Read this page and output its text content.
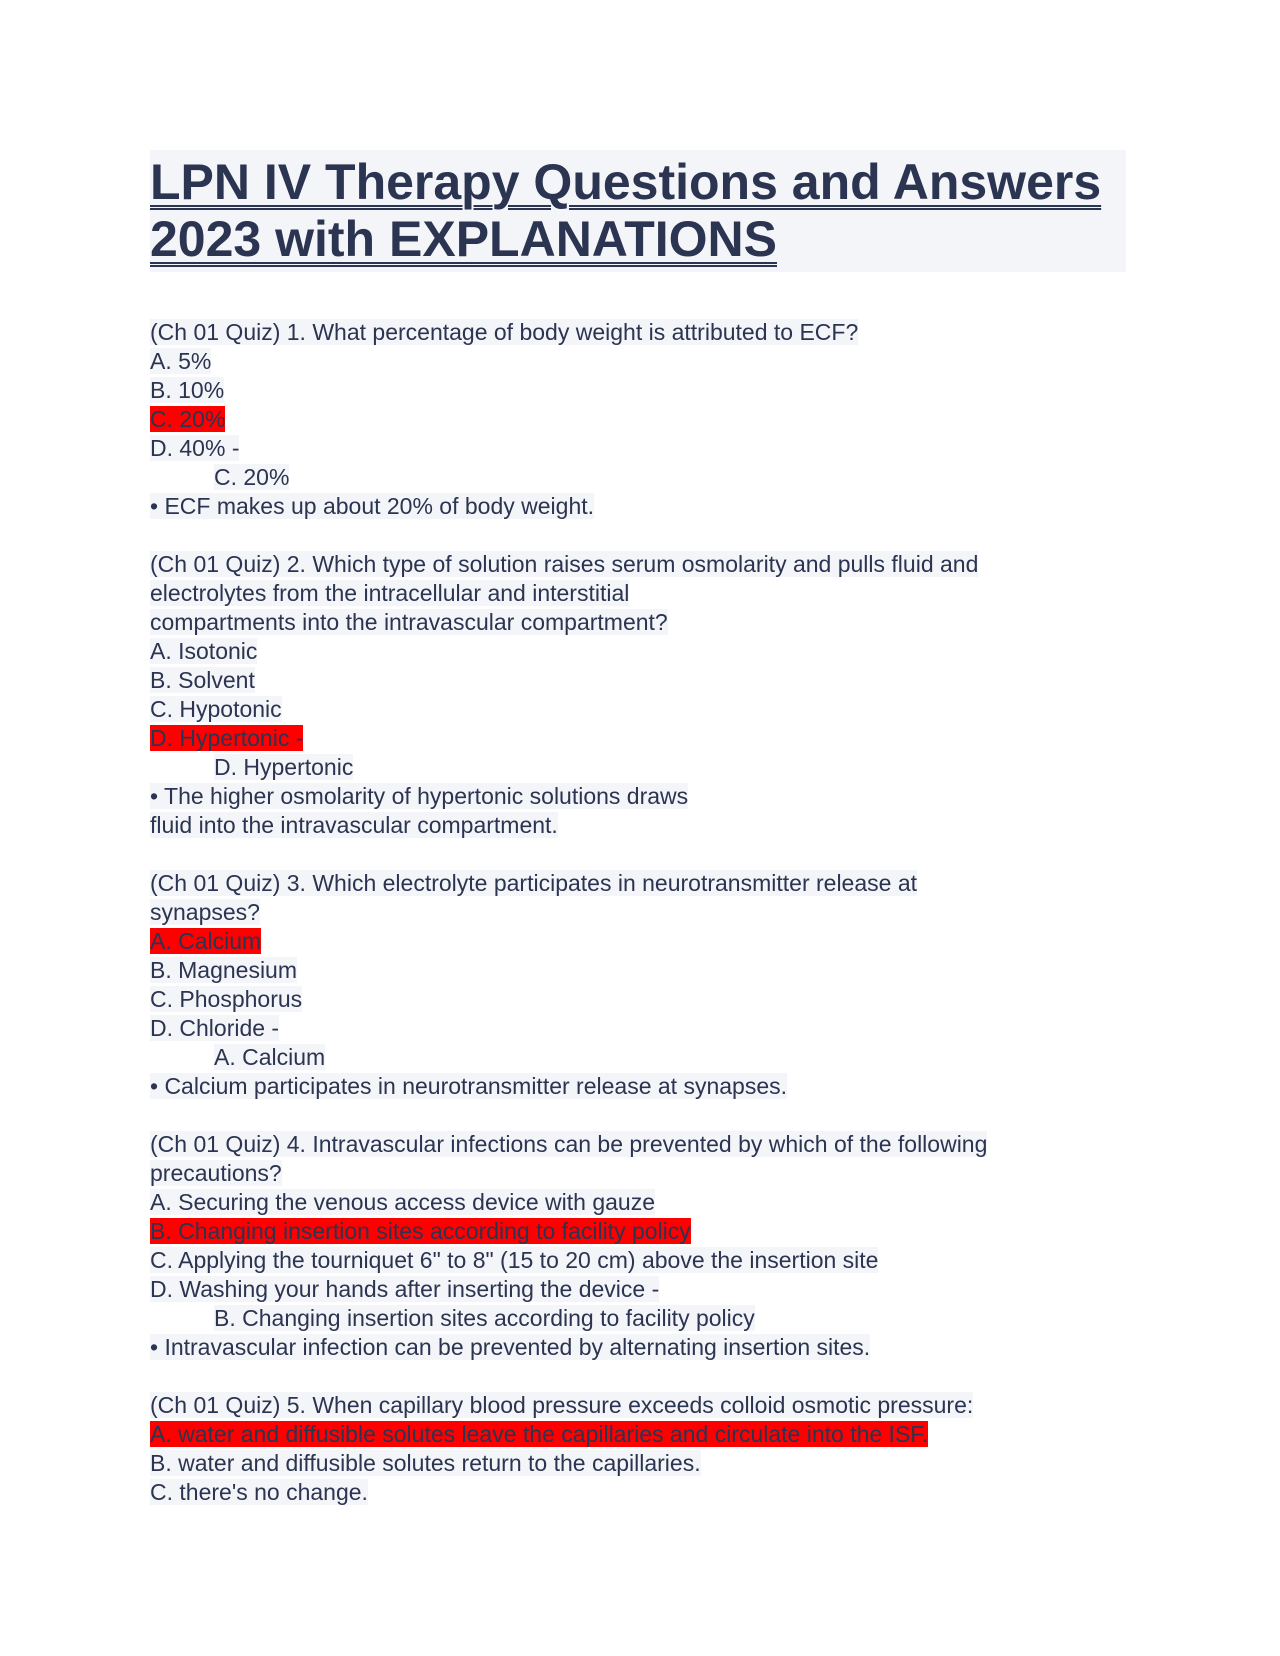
LPN IV Therapy Questions and Answers
2023 with EXPLANATIONS
(Ch 01 Quiz) 1. What percentage of body weight is attributed to ECF?
A. 5%
B. 10%
C. 20%
D. 40% -
C. 20%
• ECF makes up about 20% of body weight.
(Ch 01 Quiz) 2. Which type of solution raises serum osmolarity and pulls fluid and
electrolytes from the intracellular and interstitial
compartments into the intravascular compartment?
A. Isotonic
B. Solvent
C. Hypotonic
D. Hypertonic -
D. Hypertonic
• The higher osmolarity of hypertonic solutions draws
fluid into the intravascular compartment.
(Ch 01 Quiz) 3. Which electrolyte participates in neurotransmitter release at
synapses?
A. Calcium
B. Magnesium
C. Phosphorus
D. Chloride -
A. Calcium
• Calcium participates in neurotransmitter release at synapses.
(Ch 01 Quiz) 4. Intravascular infections can be prevented by which of the following
precautions?
A. Securing the venous access device with gauze
B. Changing insertion sites according to facility policy
C. Applying the tourniquet 6" to 8" (15 to 20 cm) above the insertion site
D. Washing your hands after inserting the device -
B. Changing insertion sites according to facility policy
• Intravascular infection can be prevented by alternating insertion sites.
(Ch 01 Quiz) 5. When capillary blood pressure exceeds colloid osmotic pressure:
A. water and diffusible solutes leave the capillaries and circulate into the ISF.
B. water and diffusible solutes return to the capillaries.
C. there's no change.
